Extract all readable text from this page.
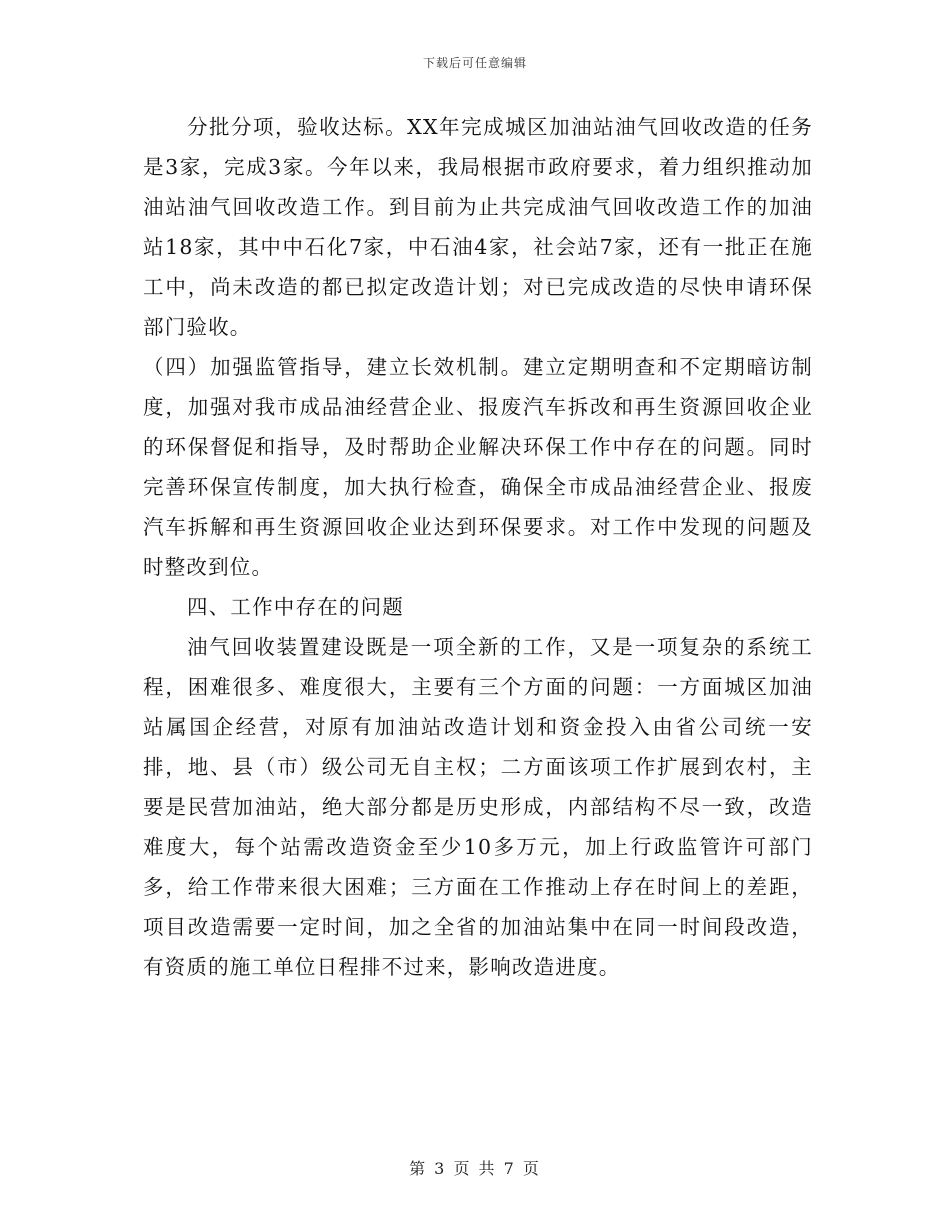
下载后可任意编辑

分批分项，验收达标。XX年完成城区加油站油气回收改造的任务是3家，完成3家。今年以来，我局根据市政府要求，着力组织推动加油站油气回收改造工作。到目前为止共完成油气回收改造工作的加油站18家，其中中石化7家，中石油4家，社会站7家，还有一批正在施工中，尚未改造的都已拟定改造计划；对已完成改造的尽快申请环保部门验收。

（四）加强监管指导，建立长效机制。建立定期明查和不定期暗访制度，加强对我市成品油经营企业、报废汽车拆改和再生资源回收企业的环保督促和指导，及时帮助企业解决环保工作中存在的问题。同时完善环保宣传制度，加大执行检查，确保全市成品油经营企业、报废汽车拆解和再生资源回收企业达到环保要求。对工作中发现的问题及时整改到位。

四、工作中存在的问题

油气回收装置建设既是一项全新的工作，又是一项复杂的系统工程，困难很多、难度很大，主要有三个方面的问题：一方面城区加油站属国企经营，对原有加油站改造计划和资金投入由省公司统一安排，地、县（市）级公司无自主权；二方面该项工作扩展到农村，主要是民营加油站，绝大部分都是历史形成，内部结构不尽一致，改造难度大，每个站需改造资金至少10多万元，加上行政监管许可部门多，给工作带来很大困难；三方面在工作推动上存在时间上的差距，项目改造需要一定时间，加之全省的加油站集中在同一时间段改造，有资质的施工单位日程排不过来，影响改造进度。

第 3 页 共 7 页
